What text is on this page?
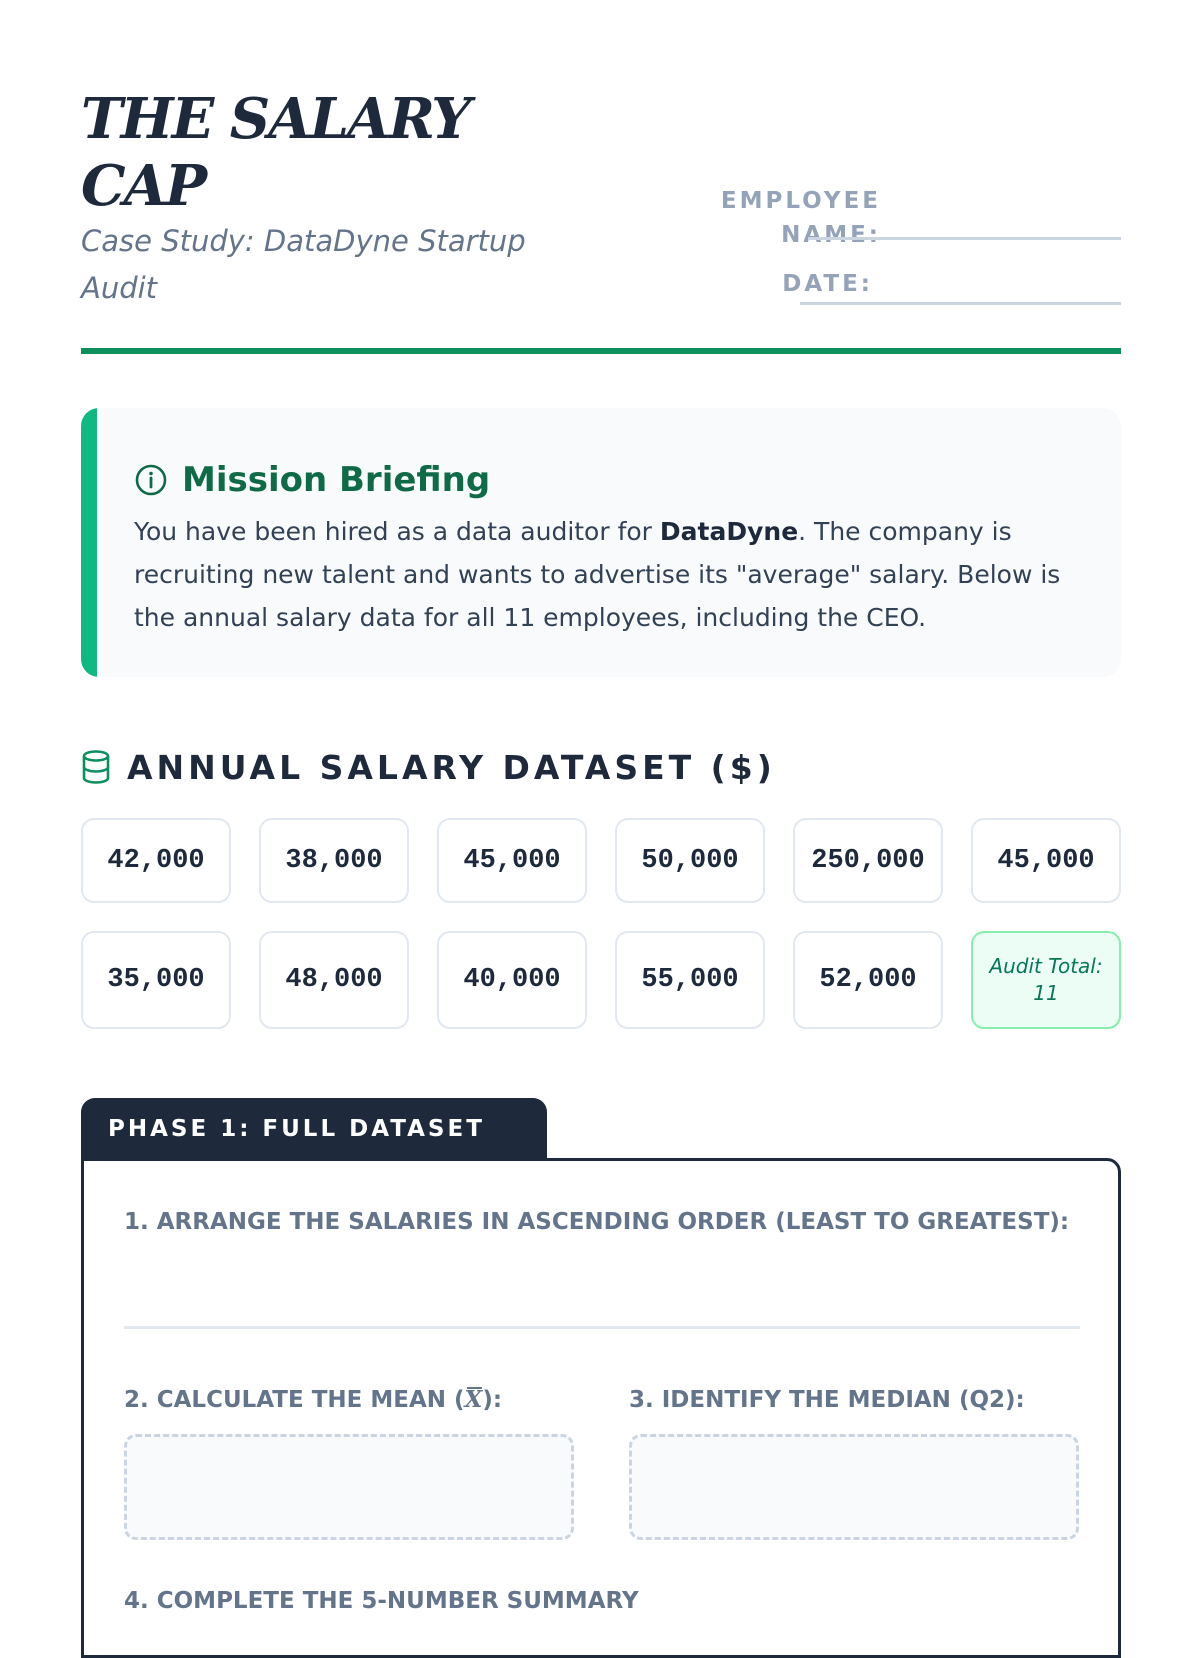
THE SALARY CAP

Case Study: DataDyne Startup Audit

EMPLOYEE NAME:
DATE:
Mission Briefing

You have been hired as a data auditor for DataDyne. The company is recruiting new talent and wants to advertise its "average" salary. Below is the annual salary data for all 11 employees, including the CEO.

ANNUAL SALARY DATASET ($)
42,000	38,000	45,000	50,000	250,000	45,000
35,000	48,000	40,000	55,000	52,000	Audit Total: 11
PHASE 1: FULL DATASET
1. ARRANGE THE SALARIES IN ASCENDING ORDER (LEAST TO GREATEST):
2. CALCULATE THE MEAN (X):	3. IDENTIFY THE MEDIAN (Q2):
4. COMPLETE THE 5-NUMBER SUMMARY
